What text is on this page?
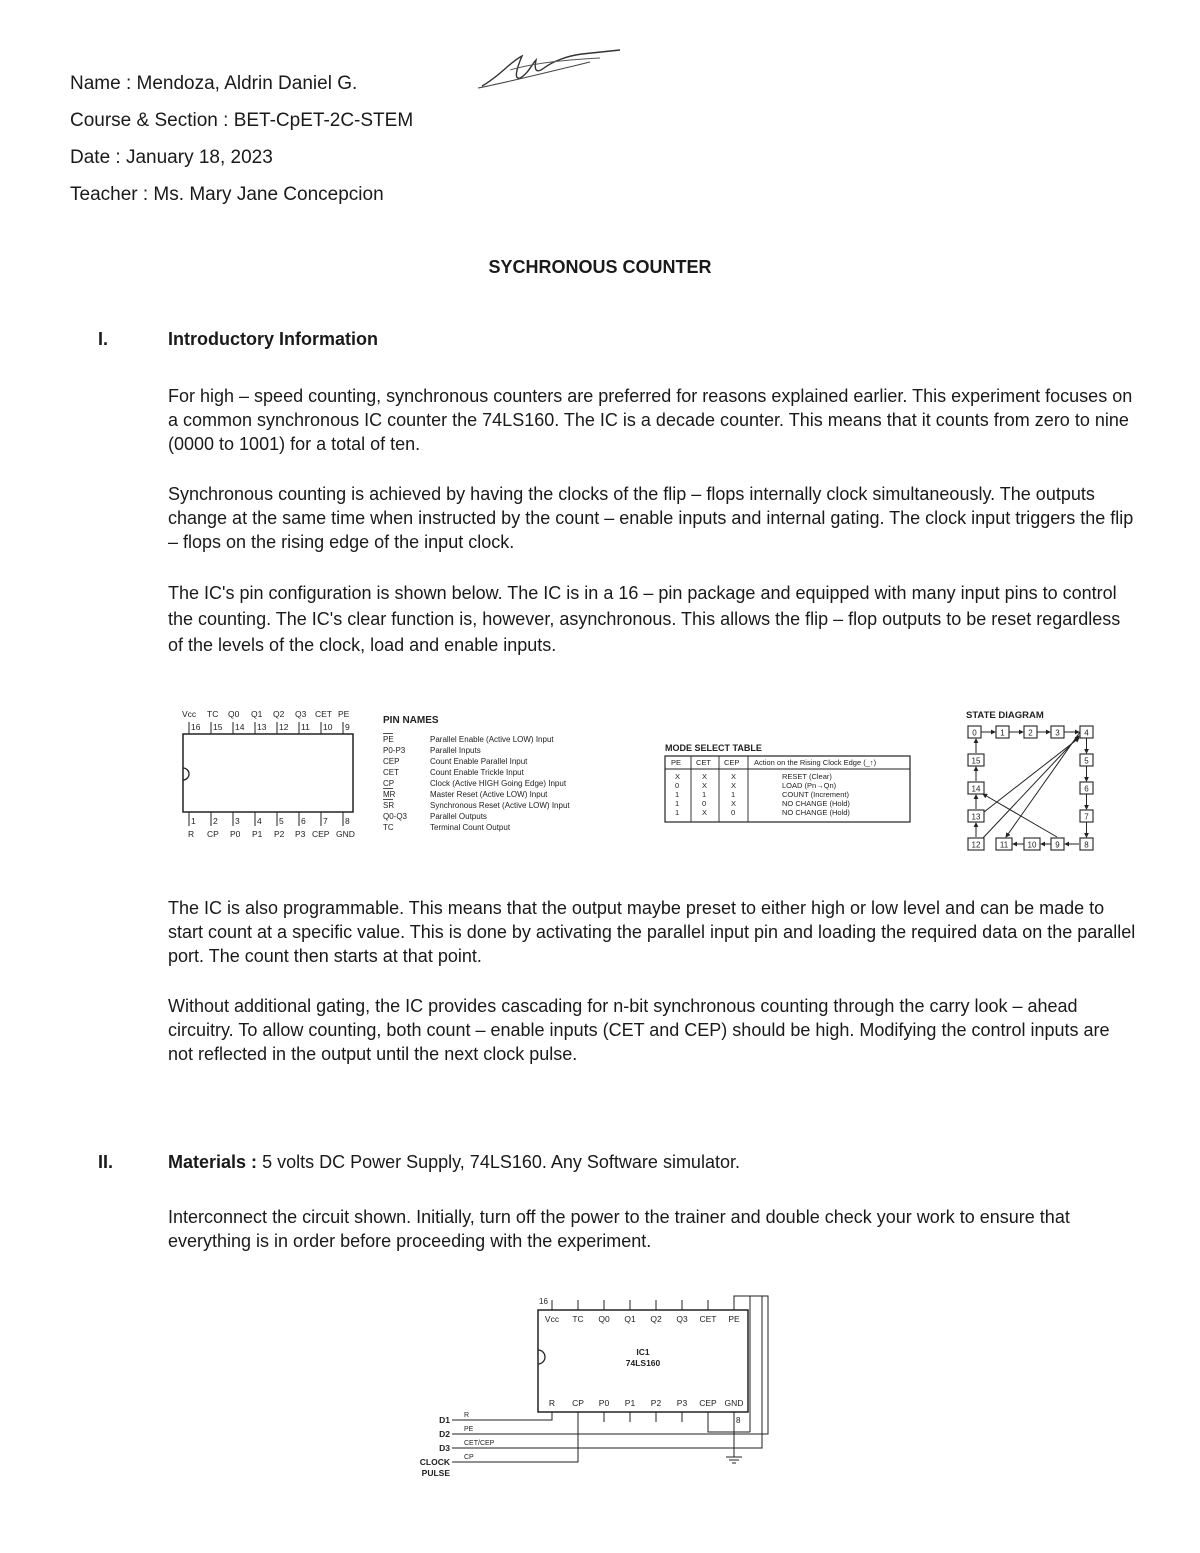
Name : Mendoza, Aldrin Daniel G.
Course & Section : BET-CpET-2C-STEM
Date : January 18, 2023
Teacher : Ms. Mary Jane Concepcion
SYCHRONOUS COUNTER
I.	Introductory Information

For high – speed counting, synchronous counters are preferred for reasons explained earlier. This experiment focuses on a common synchronous IC counter the 74LS160. The IC is a decade counter. This means that it counts from zero to nine (0000 to 1001) for a total of ten.

Synchronous counting is achieved by having the clocks of the flip – flops internally clock simultaneously. The outputs change at the same time when instructed by the count – enable inputs and internal gating. The clock input triggers the flip – flops on the rising edge of the input clock.

The IC's pin configuration is shown below. The IC is in a 16 – pin package and equipped with many input pins to control the counting. The IC's clear function is, however, asynchronous. This allows the flip – flop outputs to be reset regardless of the levels of the clock, load and enable inputs.

Vcc TC Q0 Q1 Q2 Q3 CET PE
16 15 14 13 12 11 10 9
1 2 3 4 5 6 7 8
R CP P0 P1 P2 P3 CEP GND
PIN NAMES
PE	Parallel Enable (Active LOW) Input
P0-P3	Parallel Inputs
CEP	Count Enable Parallel Input
CET	Count Enable Trickle Input
CP	Clock (Active HIGH Going Edge) Input
MR	Master Reset (Active LOW) Input
SR	Synchronous Reset (Active LOW) Input
Q0-Q3	Parallel Outputs
TC	Terminal Count Output
MODE SELECT TABLE
PE CET CEP Action on the Rising Clock Edge (_↑)
X	X	X	RESET (Clear)
0	X	X	LOAD (Pn→Qn)
1	1	1	COUNT (Increment)
1	0	X	NO CHANGE (Hold)
1	X	0	NO CHANGE (Hold)
STATE DIAGRAM
0	1	2	3	4
5
6
7
8
9
10
11
12
13
14
15

The IC is also programmable. This means that the output maybe preset to either high or low level and can be made to start count at a specific value. This is done by activating the parallel input pin and loading the required data on the parallel port. The count then starts at that point.

Without additional gating, the IC provides cascading for n-bit synchronous counting through the carry look – ahead circuitry. To allow counting, both count – enable inputs (CET and CEP) should be high. Modifying the control inputs are not reflected in the output until the next clock pulse.

II.	Materials : 5 volts DC Power Supply, 74LS160. Any Software simulator.

Interconnect the circuit shown. Initially, turn off the power to the trainer and double check your work to ensure that everything is in order before proceeding with the experiment.

16
Vcc TC Q0 Q1 Q2 Q3 CET PE
R CP P0 P1 P2 P3 CEP GND
IC1
74LS160
8
R
PE
CET/CEP
CP
D1
D2
D3
CLOCK
PULSE
